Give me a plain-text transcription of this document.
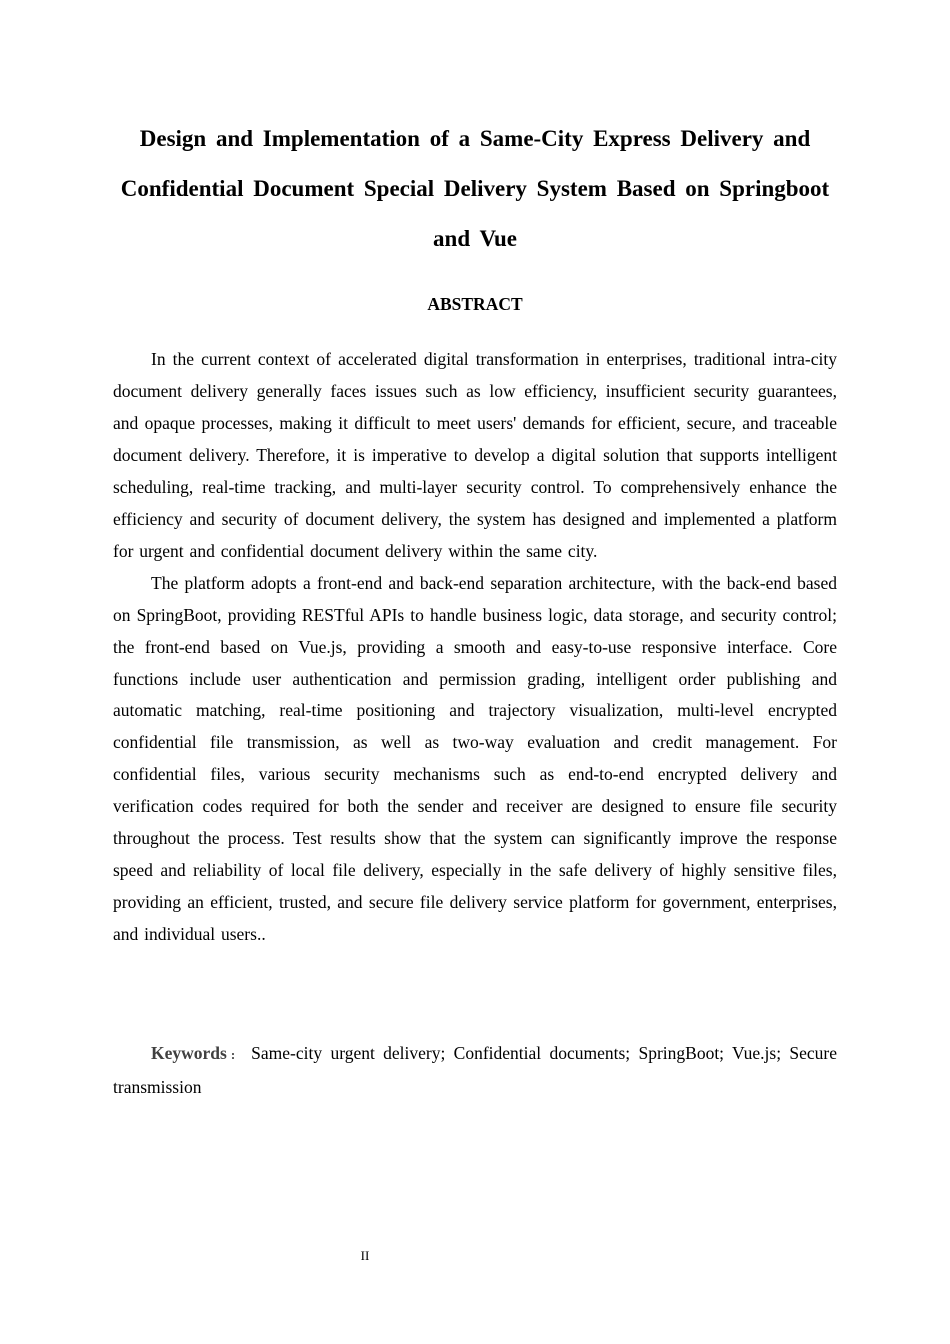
Design and Implementation of a Same-City Express Delivery and Confidential Document Special Delivery System Based on Springboot and Vue
ABSTRACT

In the current context of accelerated digital transformation in enterprises, traditional intra-city document delivery generally faces issues such as low efficiency, insufficient security guarantees, and opaque processes, making it difficult to meet users' demands for efficient, secure, and traceable document delivery. Therefore, it is imperative to develop a digital solution that supports intelligent scheduling, real-time tracking, and multi-layer security control. To comprehensively enhance the efficiency and security of document delivery, the system has designed and implemented a platform for urgent and confidential document delivery within the same city.

The platform adopts a front-end and back-end separation architecture, with the back-end based on SpringBoot, providing RESTful APIs to handle business logic, data storage, and security control; the front-end based on Vue.js, providing a smooth and easy-to-use responsive interface. Core functions include user authentication and permission grading, intelligent order publishing and automatic matching, real-time positioning and trajectory visualization, multi-level encrypted confidential file transmission, as well as two-way evaluation and credit management. For confidential files, various security mechanisms such as end-to-end encrypted delivery and verification codes required for both the sender and receiver are designed to ensure file security throughout the process. Test results show that the system can significantly improve the response speed and reliability of local file delivery, especially in the safe delivery of highly sensitive files, providing an efficient, trusted, and secure file delivery service platform for government, enterprises, and individual users..

Keywords : Same-city urgent delivery; Confidential documents; SpringBoot; Vue.js; Secure transmission

II
